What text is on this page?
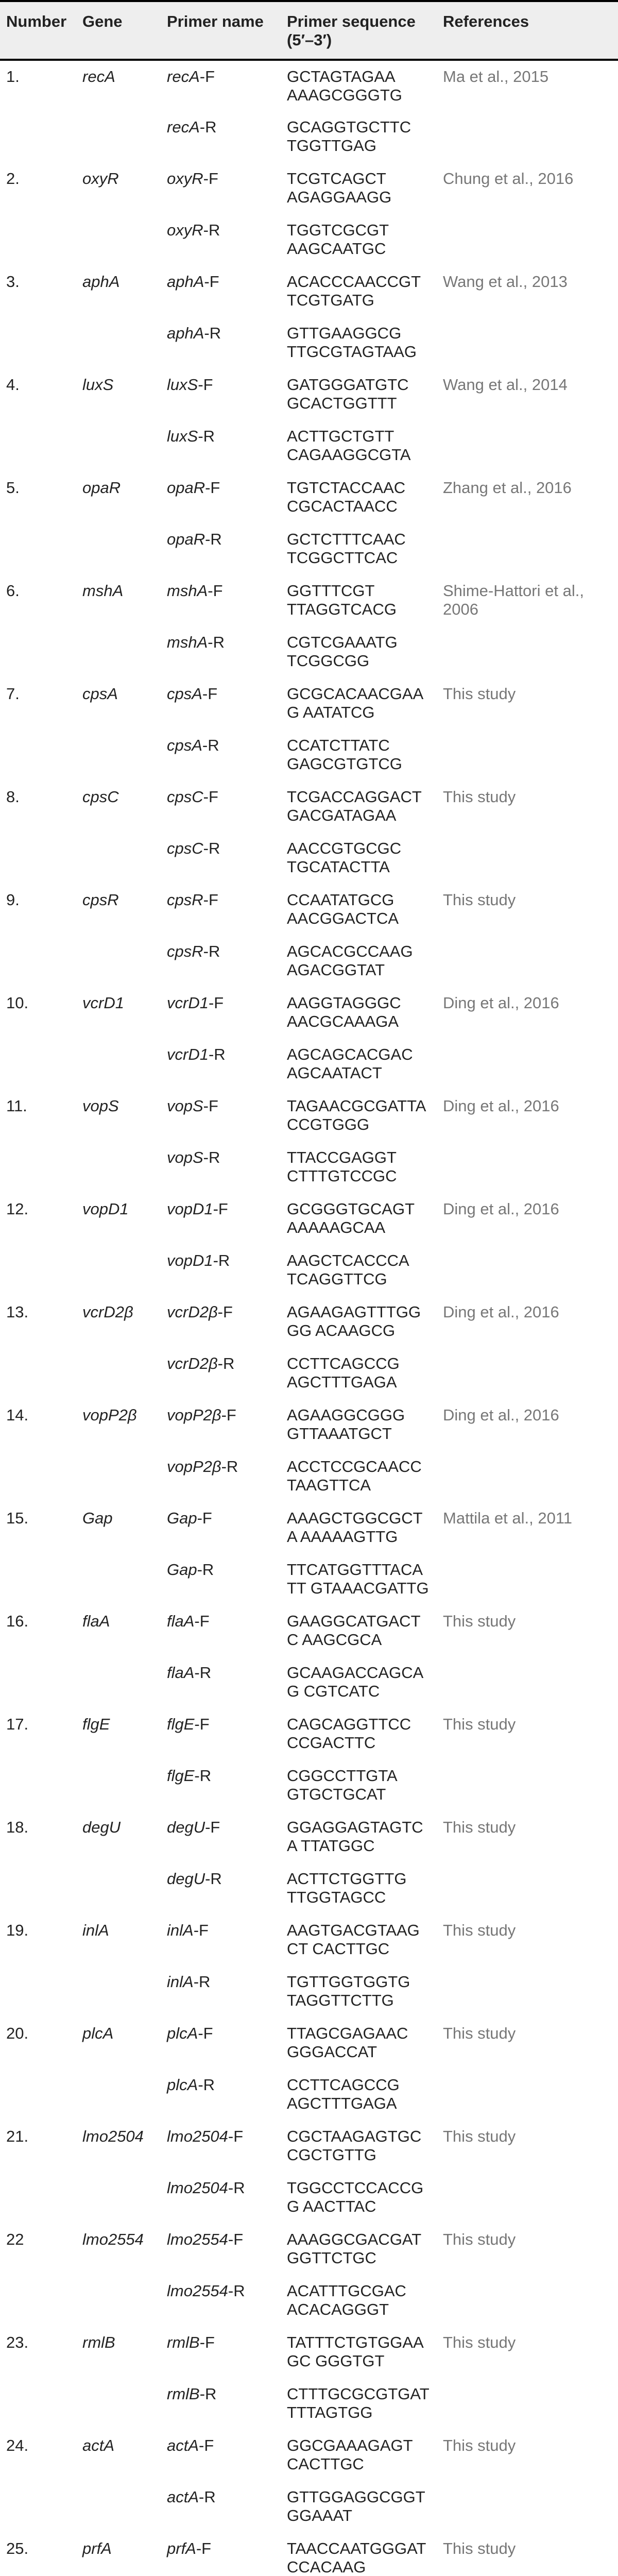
Number	Gene	Primer name	Primer sequence (5′–3′)	References
1.	recA	recA-F	GCTAGTAGAA AAAGCGGGTG	Ma et al., 2015
		recA-R	GCAGGTGCTTC TGGTTGAG	
2.	oxyR	oxyR-F	TCGTCAGCT AGAGGAAGG	Chung et al., 2016
		oxyR-R	TGGTCGCGT AAGCAATGC	
3.	aphA	aphA-F	ACACCCAACCGT TCGTGATG	Wang et al., 2013
		aphA-R	GTTGAAGGCG TTGCGTAGTAAG	
4.	luxS	luxS-F	GATGGGATGTC GCACTGGTTT	Wang et al., 2014
		luxS-R	ACTTGCTGTT CAGAAGGCGTA	
5.	opaR	opaR-F	TGTCTACCAAC CGCACTAACC	Zhang et al., 2016
		opaR-R	GCTCTTTCAAC TCGGCTTCAC	
6.	mshA	mshA-F	GGTTTCGT TTAGGTCACG	Shime-Hattori et al., 2006
		mshA-R	CGTCGAAATG TCGGCGG	
7.	cpsA	cpsA-F	GCGCACAACGAAG AATATCG	This study
		cpsA-R	CCATCTTATC GAGCGTGTCG	
8.	cpsC	cpsC-F	TCGACCAGGACT GACGATAGAA	This study
		cpsC-R	AACCGTGCGC TGCATACTTA	
9.	cpsR	cpsR-F	CCAATATGCG AACGGACTCA	This study
		cpsR-R	AGCACGCCAAG AGACGGTAT	
10.	vcrD1	vcrD1-F	AAGGTAGGGC AACGCAAAGA	Ding et al., 2016
		vcrD1-R	AGCAGCACGAC AGCAATACT	
11.	vopS	vopS-F	TAGAACGCGATTA CCGTGGG	Ding et al., 2016
		vopS-R	TTACCGAGGT CTTTGTCCGC	
12.	vopD1	vopD1-F	GCGGGTGCAGT AAAAAGCAA	Ding et al., 2016
		vopD1-R	AAGCTCACCCA TCAGGTTCG	
13.	vcrD2β	vcrD2β-F	AGAAGAGTTTGGGG ACAAGCG	Ding et al., 2016
		vcrD2β-R	CCTTCAGCCG AGCTTTGAGA	
14.	vopP2β	vopP2β-F	AGAAGGCGGG GTTAAATGCT	Ding et al., 2016
		vopP2β-R	ACCTCCGCAACC TAAGTTCA	
15.	Gap	Gap-F	AAAGCTGGCGCTA AAAAAGTTG	Mattila et al., 2011
		Gap-R	TTCATGGTTTACATT GTAAACGATTG	
16.	flaA	flaA-F	GAAGGCATGACTC AAGCGCA	This study
		flaA-R	GCAAGACCAGCAG CGTCATC	
17.	flgE	flgE-F	CAGCAGGTTCC CCGACTTC	This study
		flgE-R	CGGCCTTGTA GTGCTGCAT	
18.	degU	degU-F	GGAGGAGTAGTCA TTATGGC	This study
		degU-R	ACTTCTGGTTG TTGGTAGCC	
19.	inlA	inlA-F	AAGTGACGTAAGCT CACTTGC	This study
		inlA-R	TGTTGGTGGTG TAGGTTCTTG	
20.	plcA	plcA-F	TTAGCGAGAAC GGGACCAT	This study
		plcA-R	CCTTCAGCCG AGCTTTGAGA	
21.	lmo2504	lmo2504-F	CGCTAAGAGTGC CGCTGTTG	This study
		lmo2504-R	TGGCCTCCACCGG AACTTAC	
22	lmo2554	lmo2554-F	AAAGGCGACGAT GGTTCTGC	This study
		lmo2554-R	ACATTTGCGAC ACACAGGGT	
23.	rmlB	rmlB-F	TATTTCTGTGGAAGC GGGTGT	This study
		rmlB-R	CTTTGCGCGTGAT TTTAGTGG	
24.	actA	actA-F	GGCGAAAGAGT CACTTGC	This study
		actA-R	GTTGGAGGCGGT GGAAAT	
25.	prfA	prfA-F	TAACCAATGGGAT CCACAAG	This study
